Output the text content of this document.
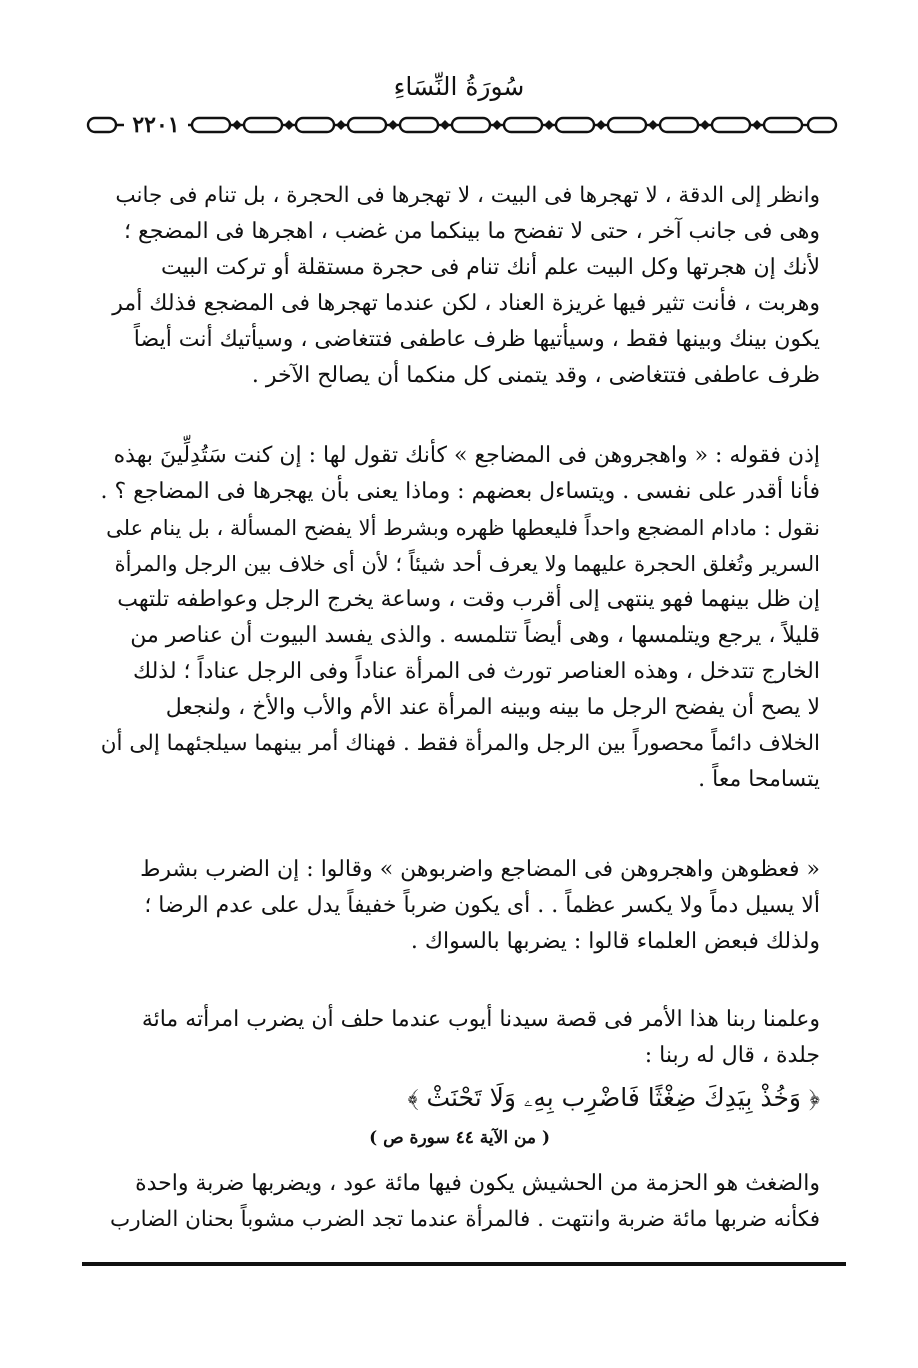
سُورَةُ النِّسَاءِ
٢٢٠١
وانظر إلى الدقة ، لا تهجرها فى البيت ، لا تهجرها فى الحجرة ، بل تنام فى جانب
وهى فى جانب آخر ، حتى لا تفضح ما بينكما من غضب ، اهجرها فى المضجع ؛
لأنك إن هجرتها وكل البيت علم أنك تنام فى حجرة مستقلة أو تركت البيت
وهربت ، فأنت تثير فيها غريزة العناد ، لكن عندما تهجرها فى المضجع فذلك أمر
يكون بينك وبينها فقط ، وسيأتيها ظرف عاطفى فتتغاضى ، وسيأتيك أنت أيضاً
ظرف عاطفى فتتغاضى ، وقد يتمنى كل منكما أن يصالح الآخر .
إذن فقوله : « واهجروهن فى المضاجع » كأنك تقول لها : إن كنت سَتُدِلِّينَ بهذه
فأنا أقدر على نفسى . ويتساءل بعضهم : وماذا يعنى بأن يهجرها فى المضاجع ؟ .
نقول : مادام المضجع واحداً فليعطها ظهره وبشرط ألا يفضح المسألة ، بل ينام على
السرير وتُغلق الحجرة عليهما ولا يعرف أحد شيئاً ؛ لأن أى خلاف بين الرجل والمرأة
إن ظل بينهما فهو ينتهى إلى أقرب وقت ، وساعة يخرج الرجل وعواطفه تلتهب
قليلاً ، يرجع ويتلمسها ، وهى أيضاً تتلمسه . والذى يفسد البيوت أن عناصر من
الخارج تتدخل ، وهذه العناصر تورث فى المرأة عناداً وفى الرجل عناداً ؛ لذلك
لا يصح أن يفضح الرجل ما بينه وبينه المرأة عند الأم والأب والأخ ، ولنجعل
الخلاف دائماً محصوراً بين الرجل والمرأة فقط . فهناك أمر بينهما سيلجئهما إلى أن
يتسامحا معاً .
« فعظوهن واهجروهن فى المضاجع واضربوهن » وقالوا : إن الضرب بشرط
ألا يسيل دماً ولا يكسر عظماً . . أى يكون ضرباً خفيفاً يدل على عدم الرضا ؛
ولذلك فبعض العلماء قالوا : يضربها بالسواك .
وعلمنا ربنا هذا الأمر فى قصة سيدنا أيوب عندما حلف أن يضرب امرأته مائة
جلدة ، قال له ربنا :
﴿ وَخُذْ بِيَدِكَ ضِغْثًا فَاضْرِب بِهِۦ وَلَا تَحْنَثْ ﴾
( من الآية ٤٤ سورة ص )
والضغث هو الحزمة من الحشيش يكون فيها مائة عود ، ويضربها ضربة واحدة
فكأنه ضربها مائة ضربة وانتهت . فالمرأة عندما تجد الضرب مشوباً بحنان الضارب
